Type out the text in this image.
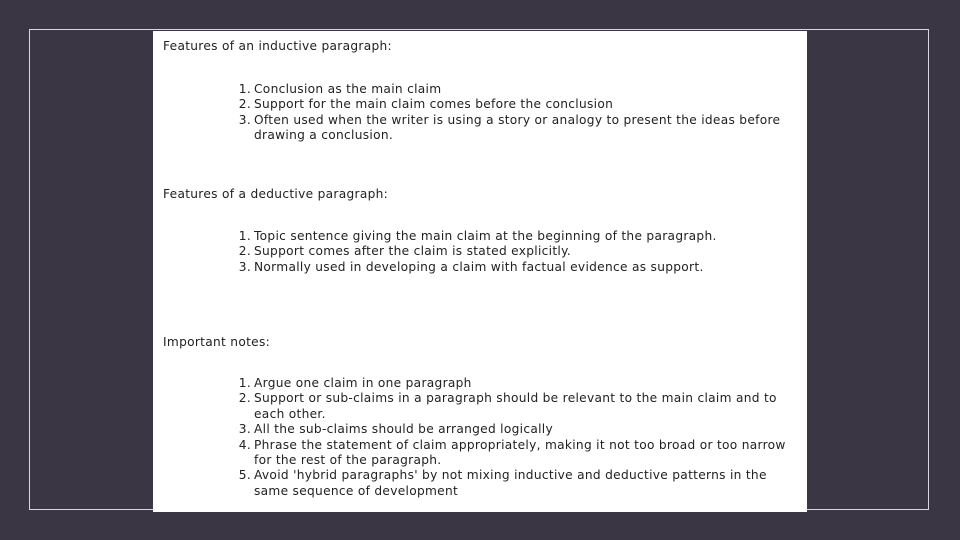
Features of an inductive paragraph:
1. Conclusion as the main claim
2. Support for the main claim comes before the conclusion
3. Often used when the writer is using a story or analogy to present the ideas before drawing a conclusion.
Features of a deductive paragraph:
1. Topic sentence giving the main claim at the beginning of the paragraph.
2. Support comes after the claim is stated explicitly.
3. Normally used in developing a claim with factual evidence as support.
Important notes:
1. Argue one claim in one paragraph
2. Support or sub-claims in a paragraph should be relevant to the main claim and to each other.
3. All the sub-claims should be arranged logically
4. Phrase the statement of claim appropriately, making it not too broad or too narrow for the rest of the paragraph.
5. Avoid 'hybrid paragraphs' by not mixing inductive and deductive patterns in the same sequence of development
